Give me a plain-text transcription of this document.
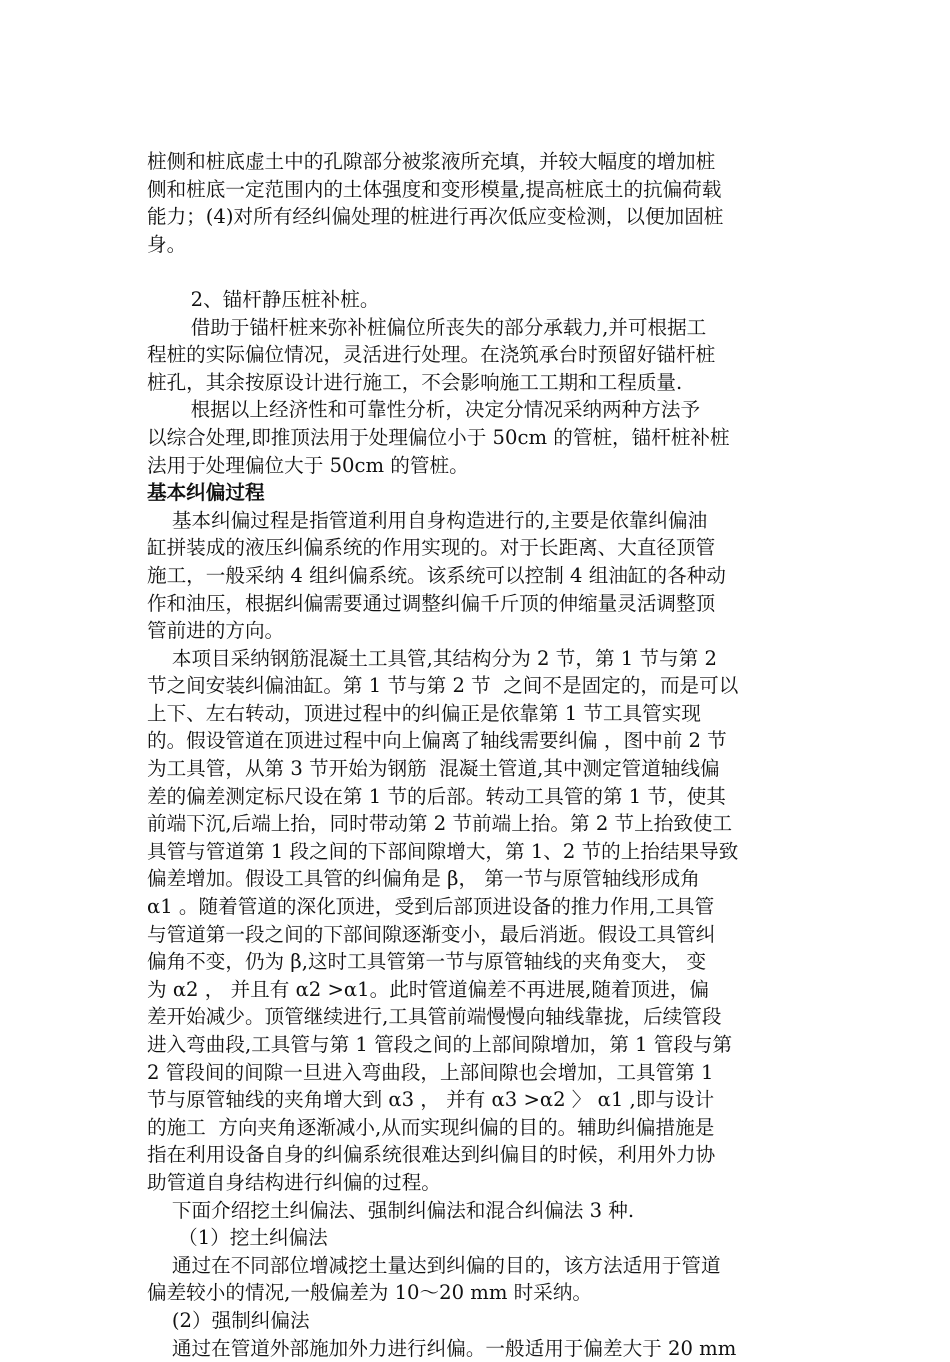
桩侧和桩底虚土中的孔隙部分被浆液所充填，并较大幅度的增加桩
侧和桩底一定范围内的土体强度和变形模量,提高桩底土的抗偏荷载
能力；(4)对所有经纠偏处理的桩进行再次低应变检测，以便加固桩
身。
2、锚杆静压桩补桩。
借助于锚杆桩来弥补桩偏位所丧失的部分承载力,并可根据工
程桩的实际偏位情况，灵活进行处理。在浇筑承台时预留好锚杆桩
桩孔，其余按原设计进行施工，不会影响施工工期和工程质量.
根据以上经济性和可靠性分析，决定分情况采纳两种方法予
以综合处理,即推顶法用于处理偏位小于 50cm 的管桩，锚杆桩补桩
法用于处理偏位大于 50cm 的管桩。
基本纠偏过程
基本纠偏过程是指管道利用自身构造进行的,主要是依靠纠偏油
缸拼装成的液压纠偏系统的作用实现的。对于长距离、大直径顶管
施工，一般采纳 4 组纠偏系统。该系统可以控制 4 组油缸的各种动
作和油压，根据纠偏需要通过调整纠偏千斤顶的伸缩量灵活调整顶
管前进的方向。
本项目采纳钢筋混凝土工具管,其结构分为 2 节，第 1 节与第 2
节之间安装纠偏油缸。第 1 节与第 2 节  之间不是固定的，而是可以
上下、左右转动，顶进过程中的纠偏正是依靠第 1 节工具管实现
的。假设管道在顶进过程中向上偏离了轴线需要纠偏 ，图中前 2 节
为工具管，从第 3 节开始为钢筋  混凝土管道,其中测定管道轴线偏
差的偏差测定标尺设在第 1 节的后部。转动工具管的第 1 节，使其
前端下沉,后端上抬，同时带动第 2 节前端上抬。第 2 节上抬致使工
具管与管道第 1 段之间的下部间隙增大，第 1、2 节的上抬结果导致
偏差增加。假设工具管的纠偏角是 β， 第一节与原管轴线形成角
α1 。随着管道的深化顶进，受到后部顶进设备的推力作用,工具管
与管道第一段之间的下部间隙逐渐变小，最后消逝。假设工具管纠
偏角不变，仍为 β,这时工具管第一节与原管轴线的夹角变大， 变
为 α2 ， 并且有 α2 >α1。此时管道偏差不再进展,随着顶进，偏
差开始减少。顶管继续进行,工具管前端慢慢向轴线靠拢，后续管段
进入弯曲段,工具管与第 1 管段之间的上部间隙增加，第 1 管段与第
2 管段间的间隙一旦进入弯曲段，上部间隙也会增加，工具管第 1
节与原管轴线的夹角增大到 α3 ， 并有 α3 >α2 〉 α1 ,即与设计
的施工  方向夹角逐渐减小,从而实现纠偏的目的。辅助纠偏措施是
指在利用设备自身的纠偏系统很难达到纠偏目的时候，利用外力协
助管道自身结构进行纠偏的过程。
下面介绍挖土纠偏法、强制纠偏法和混合纠偏法 3 种.
（1）挖土纠偏法
通过在不同部位增减挖土量达到纠偏的目的，该方法适用于管道
偏差较小的情况,一般偏差为 10～20 mm 时采纳。
(2）强制纠偏法
通过在管道外部施加外力进行纠偏。一般适用于偏差大于 20 mm
